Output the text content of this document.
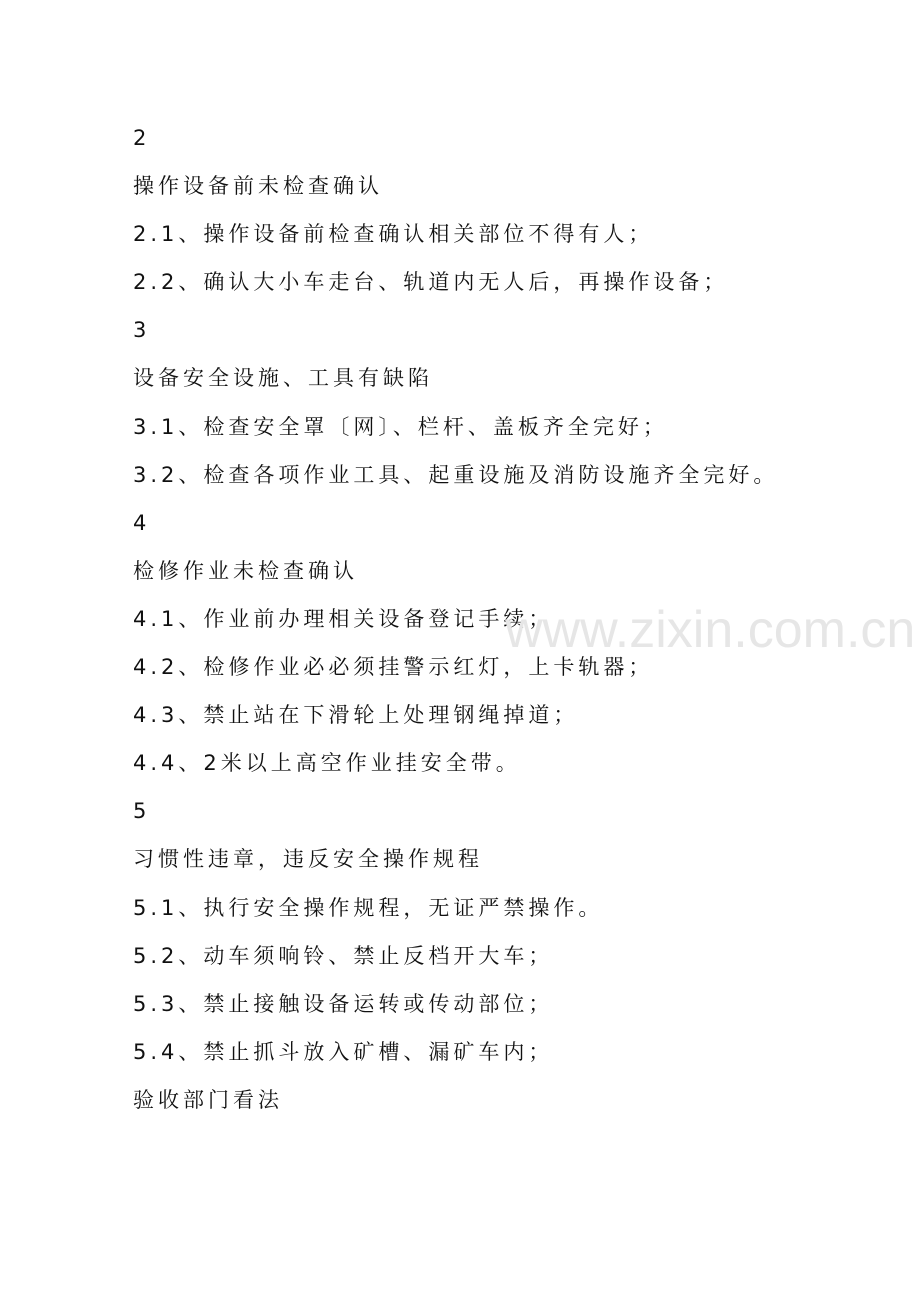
2

操作设备前未检查确认

2.1、操作设备前检查确认相关部位不得有人；

2.2、确认大小车走台、轨道内无人后，再操作设备；

3

设备安全设施、工具有缺陷

3.1、检查安全罩〔网〕、栏杆、盖板齐全完好；

3.2、检查各项作业工具、起重设施及消防设施齐全完好。

4

检修作业未检查确认

4.1、作业前办理相关设备登记手续；

4.2、检修作业必必须挂警示红灯，上卡轨器；

4.3、禁止站在下滑轮上处理钢绳掉道；

4.4、2米以上高空作业挂安全带。

5

习惯性违章，违反安全操作规程

5.1、执行安全操作规程，无证严禁操作。

5.2、动车须响铃、禁止反档开大车；

5.3、禁止接触设备运转或传动部位；

5.4、禁止抓斗放入矿槽、漏矿车内；

验收部门看法

www.zixin.com.cn
